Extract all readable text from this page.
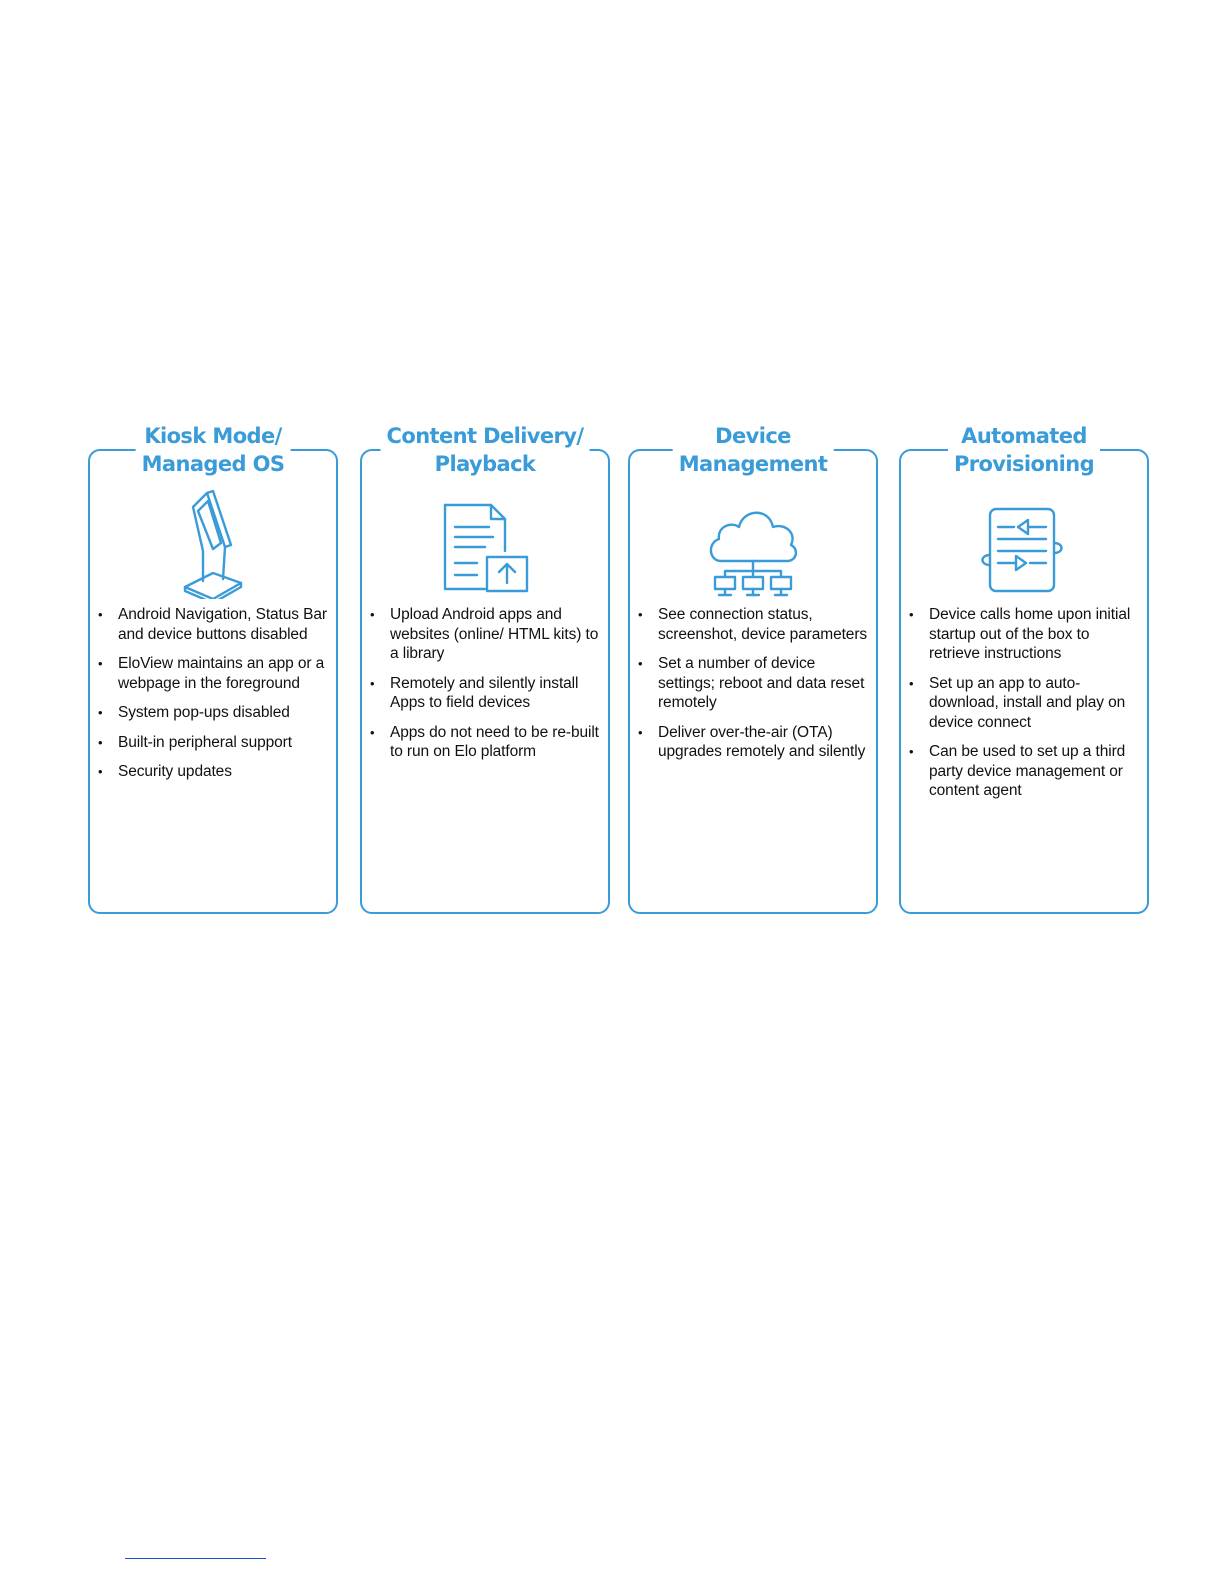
Kiosk Mode/
Managed OS
• Android Navigation, Status Bar and device buttons disabled
• EloView maintains an app or a webpage in the foreground
• System pop-ups disabled
• Built-in peripheral support
• Security updates
Content Delivery/
Playback
• Upload Android apps and websites (online/ HTML kits) to a library
• Remotely and silently install Apps to field devices
• Apps do not need to be re-built to run on Elo platform
Device
Management
• See connection status, screenshot, device parameters
• Set a number of device settings; reboot and data reset remotely
• Deliver over-the-air (OTA) upgrades remotely and silently
Automated
Provisioning
• Device calls home upon initial startup out of the box to retrieve instructions
• Set up an app to auto-download, install and play on device connect
• Can be used to set up a third party device management or content agent
